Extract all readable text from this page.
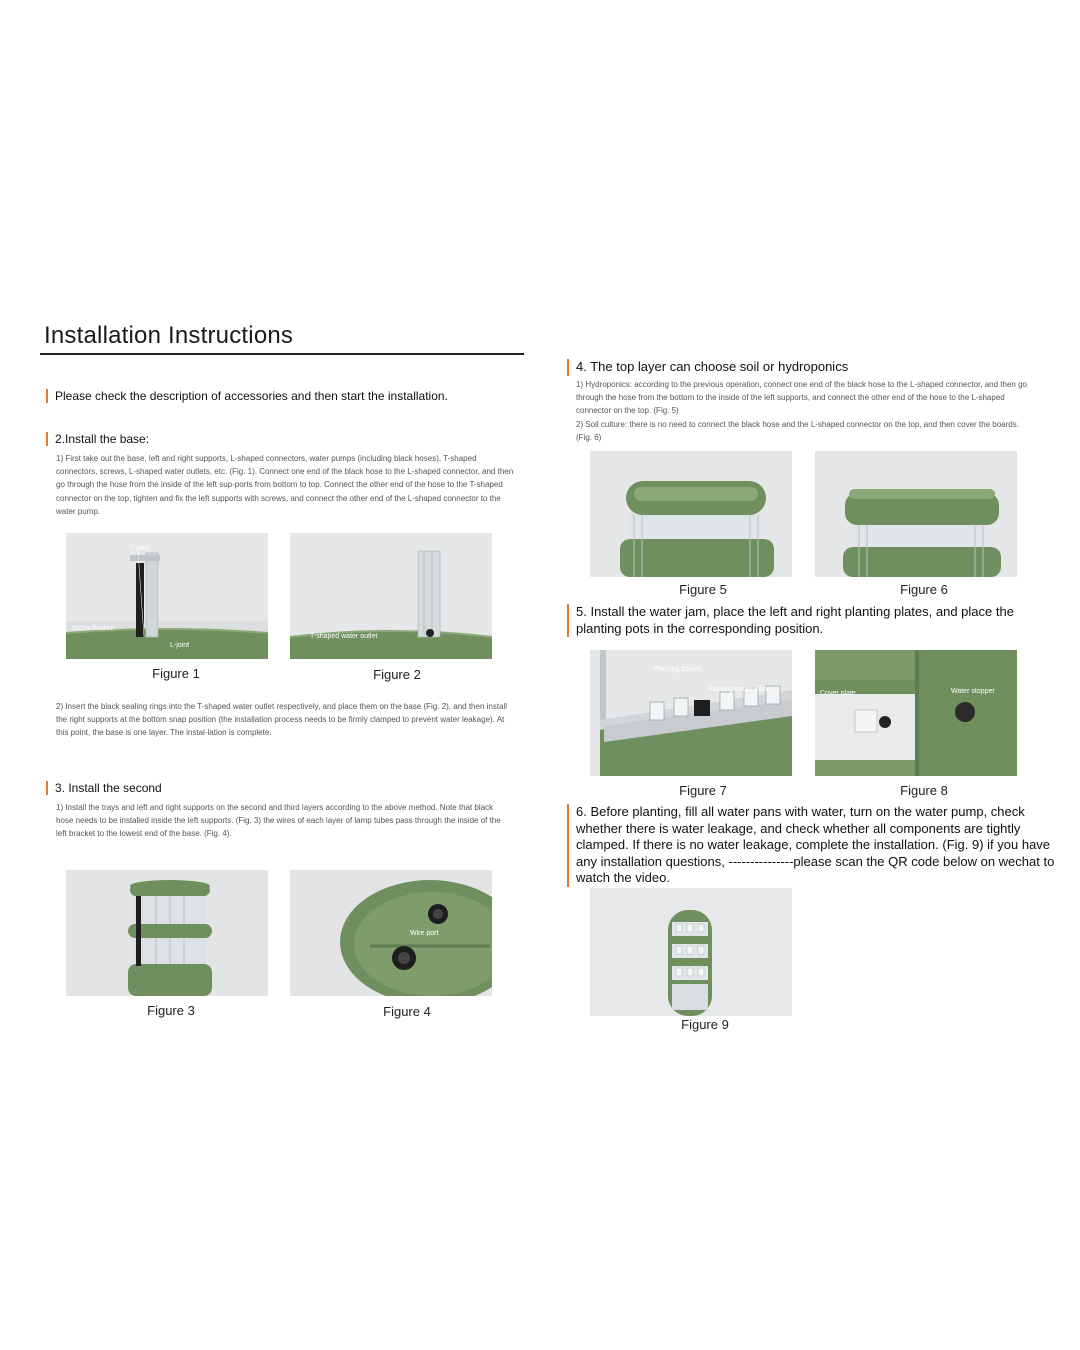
Installation Instructions
Please check the description of accessories and then start the installation.
2.Install the base:
1) First take out the base, left and right supports, L-shaped connectors, water pumps (including black hoses), T-shaped connectors, screws, L-shaped water outlets, etc. (Fig. 1). Connect one end of the black hose to the L-shaped connector, and then go through the hose from the inside of the left sup-ports from bottom to top. Connect the other end of the hose to the T-shaped connector on the top, tighten and fix the left supports with screws, and connect the other end of the L-shaped connector to the water pump.
T-joint
Screw fixation
L-joint
Figure 1
T-shaped water outlet
Figure 2
2) Insert the black sealing rings into the T-shaped water outlet respectively, and place them on the base (Fig. 2), and then install the right supports at the bottom snap position (the installation process needs to be firmly clamped to prevent water leakage). At this point, the base is one layer. The instal-lation is complete.
3. Install the second
1) Install the trays and left and right supports on the second and third layers according to the above method. Note that black hose needs to be installed inside the left supports. (Fig. 3) the wires of each layer of lamp tubes pass through the inside of the left bracket to the lowest end of the base. (Fig. 4).
Figure 3
Wire port
Figure 4
4. The top layer can choose soil or hydroponics
1) Hydroponics: according to the previous operation, connect one end of the black hose to the L-shaped connector, and then go through the hose from the bottom to the inside of the left supports, and connect the other end of the hose to the L-shaped connector on the top. (Fig. 5)
2) Soil culture: there is no need to connect the black hose and the L-shaped connector on the top, and then cover the boards. (Fig. 6)
Figure 5	Figure 6
5. Install the water jam, place the left and right planting plates, and place the planting pots in the corresponding position.
Planting basket
Planting cover plate
Figure 7
Cover plate	Water stopper
Figure 8
6. Before planting, fill all water pans with water, turn on the water pump, check whether there is water leakage, and check whether all components are tightly clamped. If there is no water leakage, complete the installation. (Fig. 9) if you have any installation questions, ---------------please scan the QR code below on wechat to watch the video.
Figure 9
